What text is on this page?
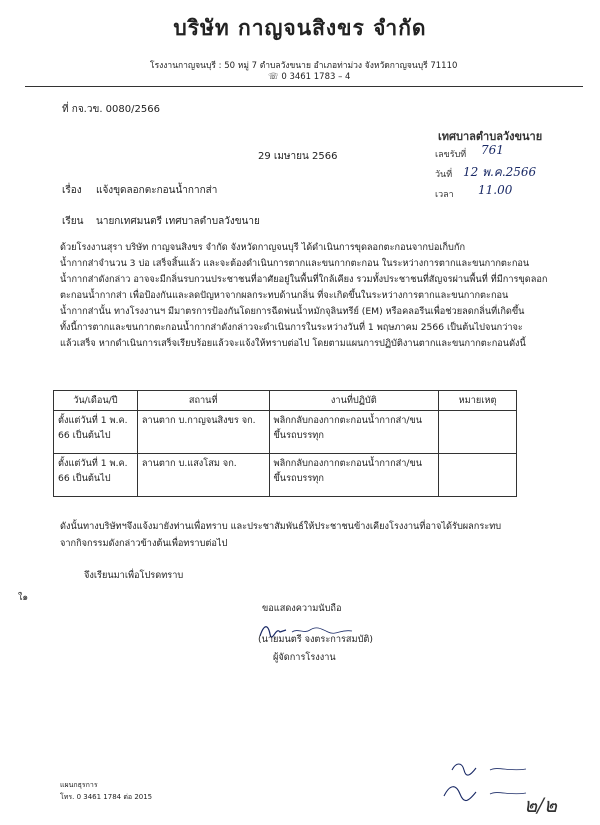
บริษัท กาญจนสิงขร จำกัด
โรงงานกาญจนบุรี : 50 หมู่ 7 ตำบลวังขนาย อำเภอท่าม่วง จังหวัดกาญจนบุรี 71110
☏ 0 3461 1783 – 4
ที่ กจ.วข. 0080/2566
เทศบาลตำบลวังขนาย
เลขรับที่ 761
วันที่ 12 พ.ค.2566
เวลา 11.00
29 เมษายน 2566
เรื่อง แจ้งขุดลอกตะกอนน้ำกากส่า
เรียน นายกเทศมนตรี เทศบาลตำบลวังขนาย
ด้วยโรงงานสุรา บริษัท กาญจนสิงขร จำกัด จังหวัดกาญจนบุรี ได้ดำเนินการขุดลอกตะกอนจากบ่อเก็บกัก
น้ำกากส่าจำนวน 3 บ่อ เสร็จสิ้นแล้ว และจะต้องดำเนินการตากและขนกากตะกอน ในระหว่างการตากและขนกากตะกอน
น้ำกากส่าดังกล่าว อาจจะมีกลิ่นรบกวนประชาชนที่อาศัยอยู่ในพื้นที่ใกล้เคียง รวมทั้งประชาชนที่สัญจรผ่านพื้นที่ ที่มีการขุดลอก
ตะกอนน้ำกากส่า เพื่อป้องกันและลดปัญหาจากผลกระทบด้านกลิ่น ที่จะเกิดขึ้นในระหว่างการตากและขนกากตะกอน
น้ำกากส่านั้น ทางโรงงานฯ มีมาตรการป้องกันโดยการฉีดพ่นน้ำหมักจุลินทรีย์ (EM) หรือคลอรีนเพื่อช่วยลดกลิ่นที่เกิดขึ้น
ทั้งนี้การตากและขนกากตะกอนน้ำกากส่าดังกล่าวจะดำเนินการในระหว่างวันที่ 1 พฤษภาคม 2566 เป็นต้นไปจนกว่าจะ
แล้วเสร็จ หากดำเนินการเสร็จเรียบร้อยแล้วจะแจ้งให้ทราบต่อไป โดยตามแผนการปฏิบัติงานตากและขนกากตะกอนดังนี้
วัน/เดือน/ปี	สถานที่	งานที่ปฏิบัติ	หมายเหตุ
ตั้งแต่วันที่ 1 พ.ค. 66 เป็นต้นไป	ลานตาก บ.กาญจนสิงขร จก.	พลิกกลับกองกากตะกอนน้ำกากส่า/ขนขึ้นรถบรรทุก	
ตั้งแต่วันที่ 1 พ.ค. 66 เป็นต้นไป	ลานตาก บ.แสงโสม จก.	พลิกกลับกองกากตะกอนน้ำกากส่า/ขนขึ้นรถบรรทุก	
ดังนั้นทางบริษัทฯจึงแจ้งมายังท่านเพื่อทราบ และประชาสัมพันธ์ให้ประชาชนข้างเคียงโรงงานที่อาจได้รับผลกระทบ
จากกิจกรรมดังกล่าวข้างต้นเพื่อทราบต่อไป
จึงเรียนมาเพื่อโปรดทราบ
ใ๑
ขอแสดงความนับถือ
(นายมนตรี จงตระการสมบัติ)
ผู้จัดการโรงงาน
แผนกธุรการ
โทร. 0 3461 1784 ต่อ 2015	๒/๒
